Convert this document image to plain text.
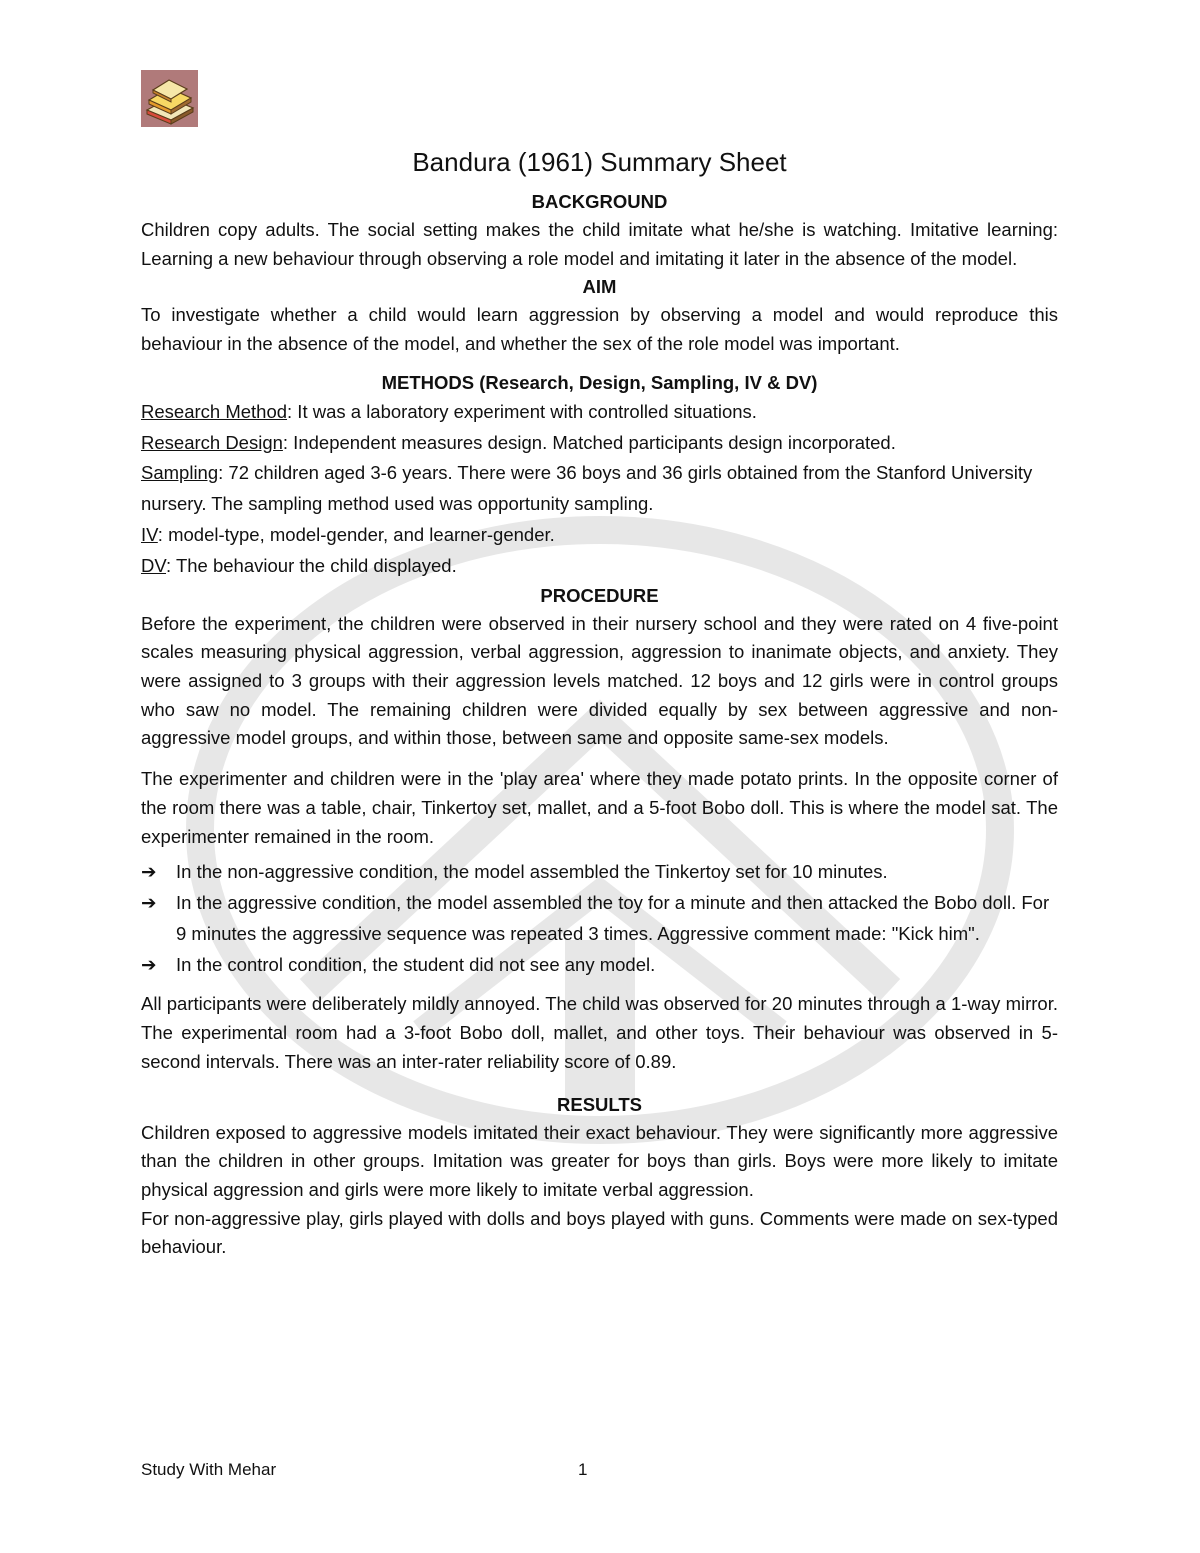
Bandura (1961) Summary Sheet
BACKGROUND

Children copy adults. The social setting makes the child imitate what he/she is watching. Imitative learning: Learning a new behaviour through observing a role model and imitating it later in the absence of the model.

AIM

To investigate whether a child would learn aggression by observing a model and would reproduce this behaviour in the absence of the model, and whether the sex of the role model was important.

METHODS (Research, Design, Sampling, IV & DV)

Research Method: It was a laboratory experiment with controlled situations.

Research Design: Independent measures design. Matched participants design incorporated.

Sampling: 72 children aged 3-6 years. There were 36 boys and 36 girls obtained from the Stanford University nursery. The sampling method used was opportunity sampling.

IV: model-type, model-gender, and learner-gender.

DV: The behaviour the child displayed.

PROCEDURE

Before the experiment, the children were observed in their nursery school and they were rated on 4 five-point scales measuring physical aggression, verbal aggression, aggression to inanimate objects, and anxiety. They were assigned to 3 groups with their aggression levels matched. 12 boys and 12 girls were in control groups who saw no model. The remaining children were divided equally by sex between aggressive and non-aggressive model groups, and within those, between same and opposite same-sex models.

The experimenter and children were in the 'play area' where they made potato prints. In the opposite corner of the room there was a table, chair, Tinkertoy set, mallet, and a 5-foot Bobo doll. This is where the model sat. The experimenter remained in the room.

➔ In the non-aggressive condition, the model assembled the Tinkertoy set for 10 minutes.
➔ In the aggressive condition, the model assembled the toy for a minute and then attacked the Bobo doll. For 9 minutes the aggressive sequence was repeated 3 times. Aggressive comment made: "Kick him".
➔ In the control condition, the student did not see any model.

All participants were deliberately mildly annoyed. The child was observed for 20 minutes through a 1-way mirror. The experimental room had a 3-foot Bobo doll, mallet, and other toys. Their behaviour was observed in 5-second intervals. There was an inter-rater reliability score of 0.89.

RESULTS

Children exposed to aggressive models imitated their exact behaviour. They were significantly more aggressive than the children in other groups. Imitation was greater for boys than girls. Boys were more likely to imitate physical aggression and girls were more likely to imitate verbal aggression.

For non-aggressive play, girls played with dolls and boys played with guns. Comments were made on sex-typed behaviour.

Study With Mehar	1
